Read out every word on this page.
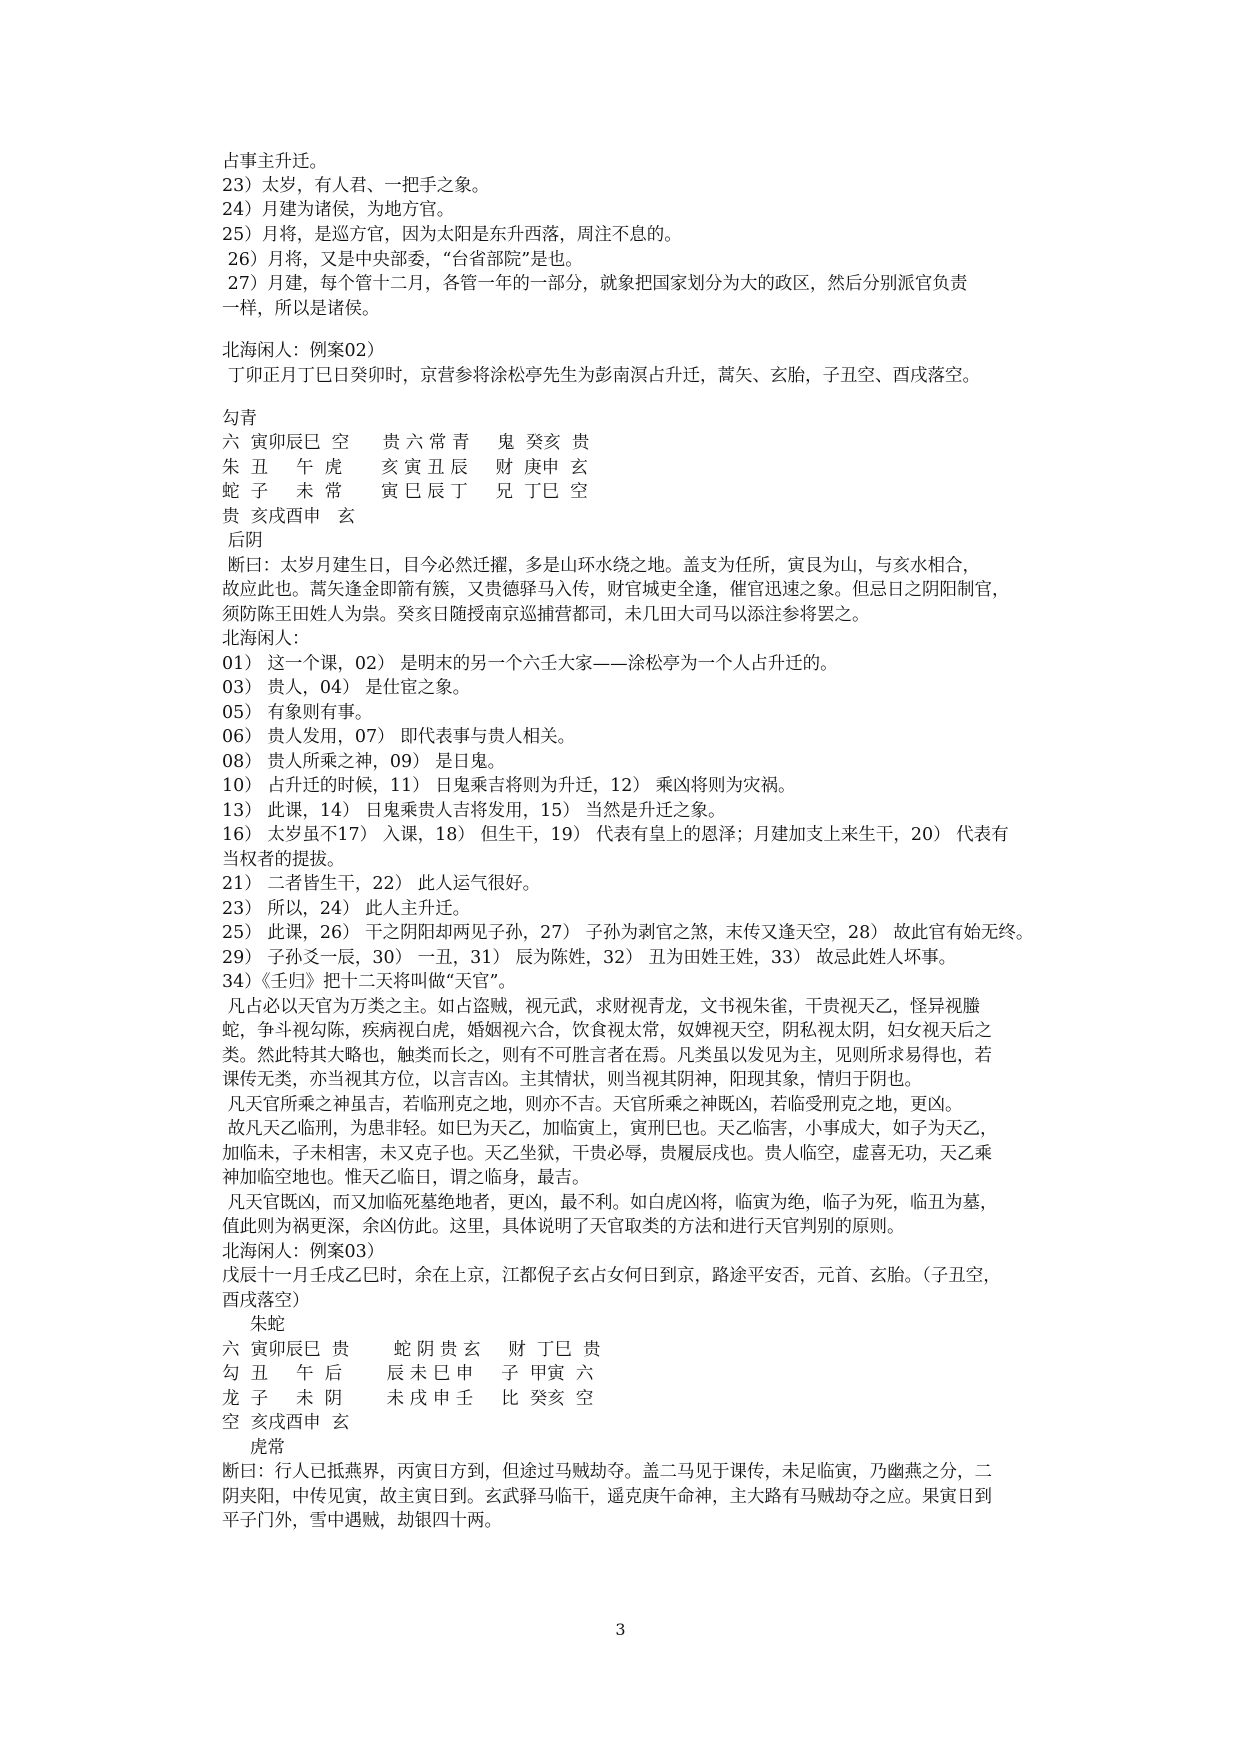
占事主升迁。
23）太岁，有人君、一把手之象。
24）月建为诸侯，为地方官。
25）月将，是巡方官，因为太阳是东升西落，周注不息的。
26）月将，又是中央部委，“台省部院”是也。
27）月建，每个管十二月，各管一年的一部分，就象把国家划分为大的政区，然后分别派官负责
一样，所以是诸侯。
北海闲人：例案02）
丁卯正月丁巳日癸卯时，京营参将涂松亭先生为彭南溟占升迁，蒿矢、玄胎，子丑空、酉戌落空。
勾青
六  寅卯辰巳  空      贵 六 常 青     鬼  癸亥  贵
朱  丑     午  虎       亥 寅 丑 辰     财  庚申  玄
蛇  子     未  常       寅 巳 辰 丁     兄  丁巳  空
贵  亥戌酉申   玄
后阴
断曰：太岁月建生日，目今必然迁擢，多是山环水绕之地。盖支为任所，寅艮为山，与亥水相合，
故应此也。蒿矢逢金即箭有簇，又贵德驿马入传，财官城吏全逢，催官迅速之象。但忌日之阴阳制官，
须防陈王田姓人为祟。癸亥日随授南京巡捕营都司，未几田大司马以添注参将罢之。
北海闲人：
01） 这一个课，02） 是明末的另一个六壬大家——涂松亭为一个人占升迁的。
03） 贵人，04） 是仕宦之象。
05） 有象则有事。
06） 贵人发用，07） 即代表事与贵人相关。
08） 贵人所乘之神，09） 是日鬼。
10） 占升迁的时候，11） 日鬼乘吉将则为升迁，12） 乘凶将则为灾祸。
13） 此课，14） 日鬼乘贵人吉将发用，15） 当然是升迁之象。
16） 太岁虽不17） 入课，18） 但生干，19） 代表有皇上的恩泽；月建加支上来生干，20） 代表有
当权者的提拔。
21） 二者皆生干，22） 此人运气很好。
23） 所以，24） 此人主升迁。
25） 此课，26） 干之阴阳却两见子孙，27） 子孙为剥官之煞，末传又逢天空，28） 故此官有始无终。
29） 子孙爻一辰，30） 一丑，31） 辰为陈姓，32） 丑为田姓王姓，33） 故忌此姓人坏事。
34）《壬归》把十二天将叫做“天官”。
凡占必以天官为万类之主。如占盗贼，视元武，求财视青龙，文书视朱雀，干贵视天乙，怪异视螣
蛇，争斗视勾陈，疾病视白虎，婚姻视六合，饮食视太常，奴婢视天空，阴私视太阴，妇女视天后之
类。然此特其大略也，触类而长之，则有不可胜言者在焉。凡类虽以发见为主，见则所求易得也，若
课传无类，亦当视其方位，以言吉凶。主其情状，则当视其阴神，阳现其象，情归于阴也。
凡天官所乘之神虽吉，若临刑克之地，则亦不吉。天官所乘之神既凶，若临受刑克之地，更凶。
故凡天乙临刑，为患非轻。如巳为天乙，加临寅上，寅刑巳也。天乙临害，小事成大，如子为天乙，
加临未，子未相害，未又克子也。天乙坐狱，干贵必辱，贵履辰戌也。贵人临空，虚喜无功，天乙乘
神加临空地也。惟天乙临日，谓之临身，最吉。
凡天官既凶，而又加临死墓绝地者，更凶，最不利。如白虎凶将，临寅为绝，临子为死，临丑为墓，
值此则为祸更深，余凶仿此。这里，具体说明了天官取类的方法和进行天官判别的原则。
北海闲人：例案03）
戊辰十一月壬戌乙巳时，余在上京，江都倪子玄占女何日到京，路途平安否，元首、玄胎。（子丑空，
酉戌落空）
朱蛇
六  寅卯辰巳  贵        蛇 阴 贵 玄     财  丁巳  贵
勾  丑     午  后        辰 未 巳 申     子  甲寅  六
龙  子     未  阴        未 戌 申 壬     比  癸亥  空
空  亥戌酉申  玄
虎常
断曰：行人已抵燕界，丙寅日方到，但途过马贼劫夺。盖二马见于课传，未足临寅，乃幽燕之分，二
阴夹阳，中传见寅，故主寅日到。玄武驿马临干，遥克庚午命神，主大路有马贼劫夺之应。果寅日到
平子门外，雪中遇贼，劫银四十两。
3
